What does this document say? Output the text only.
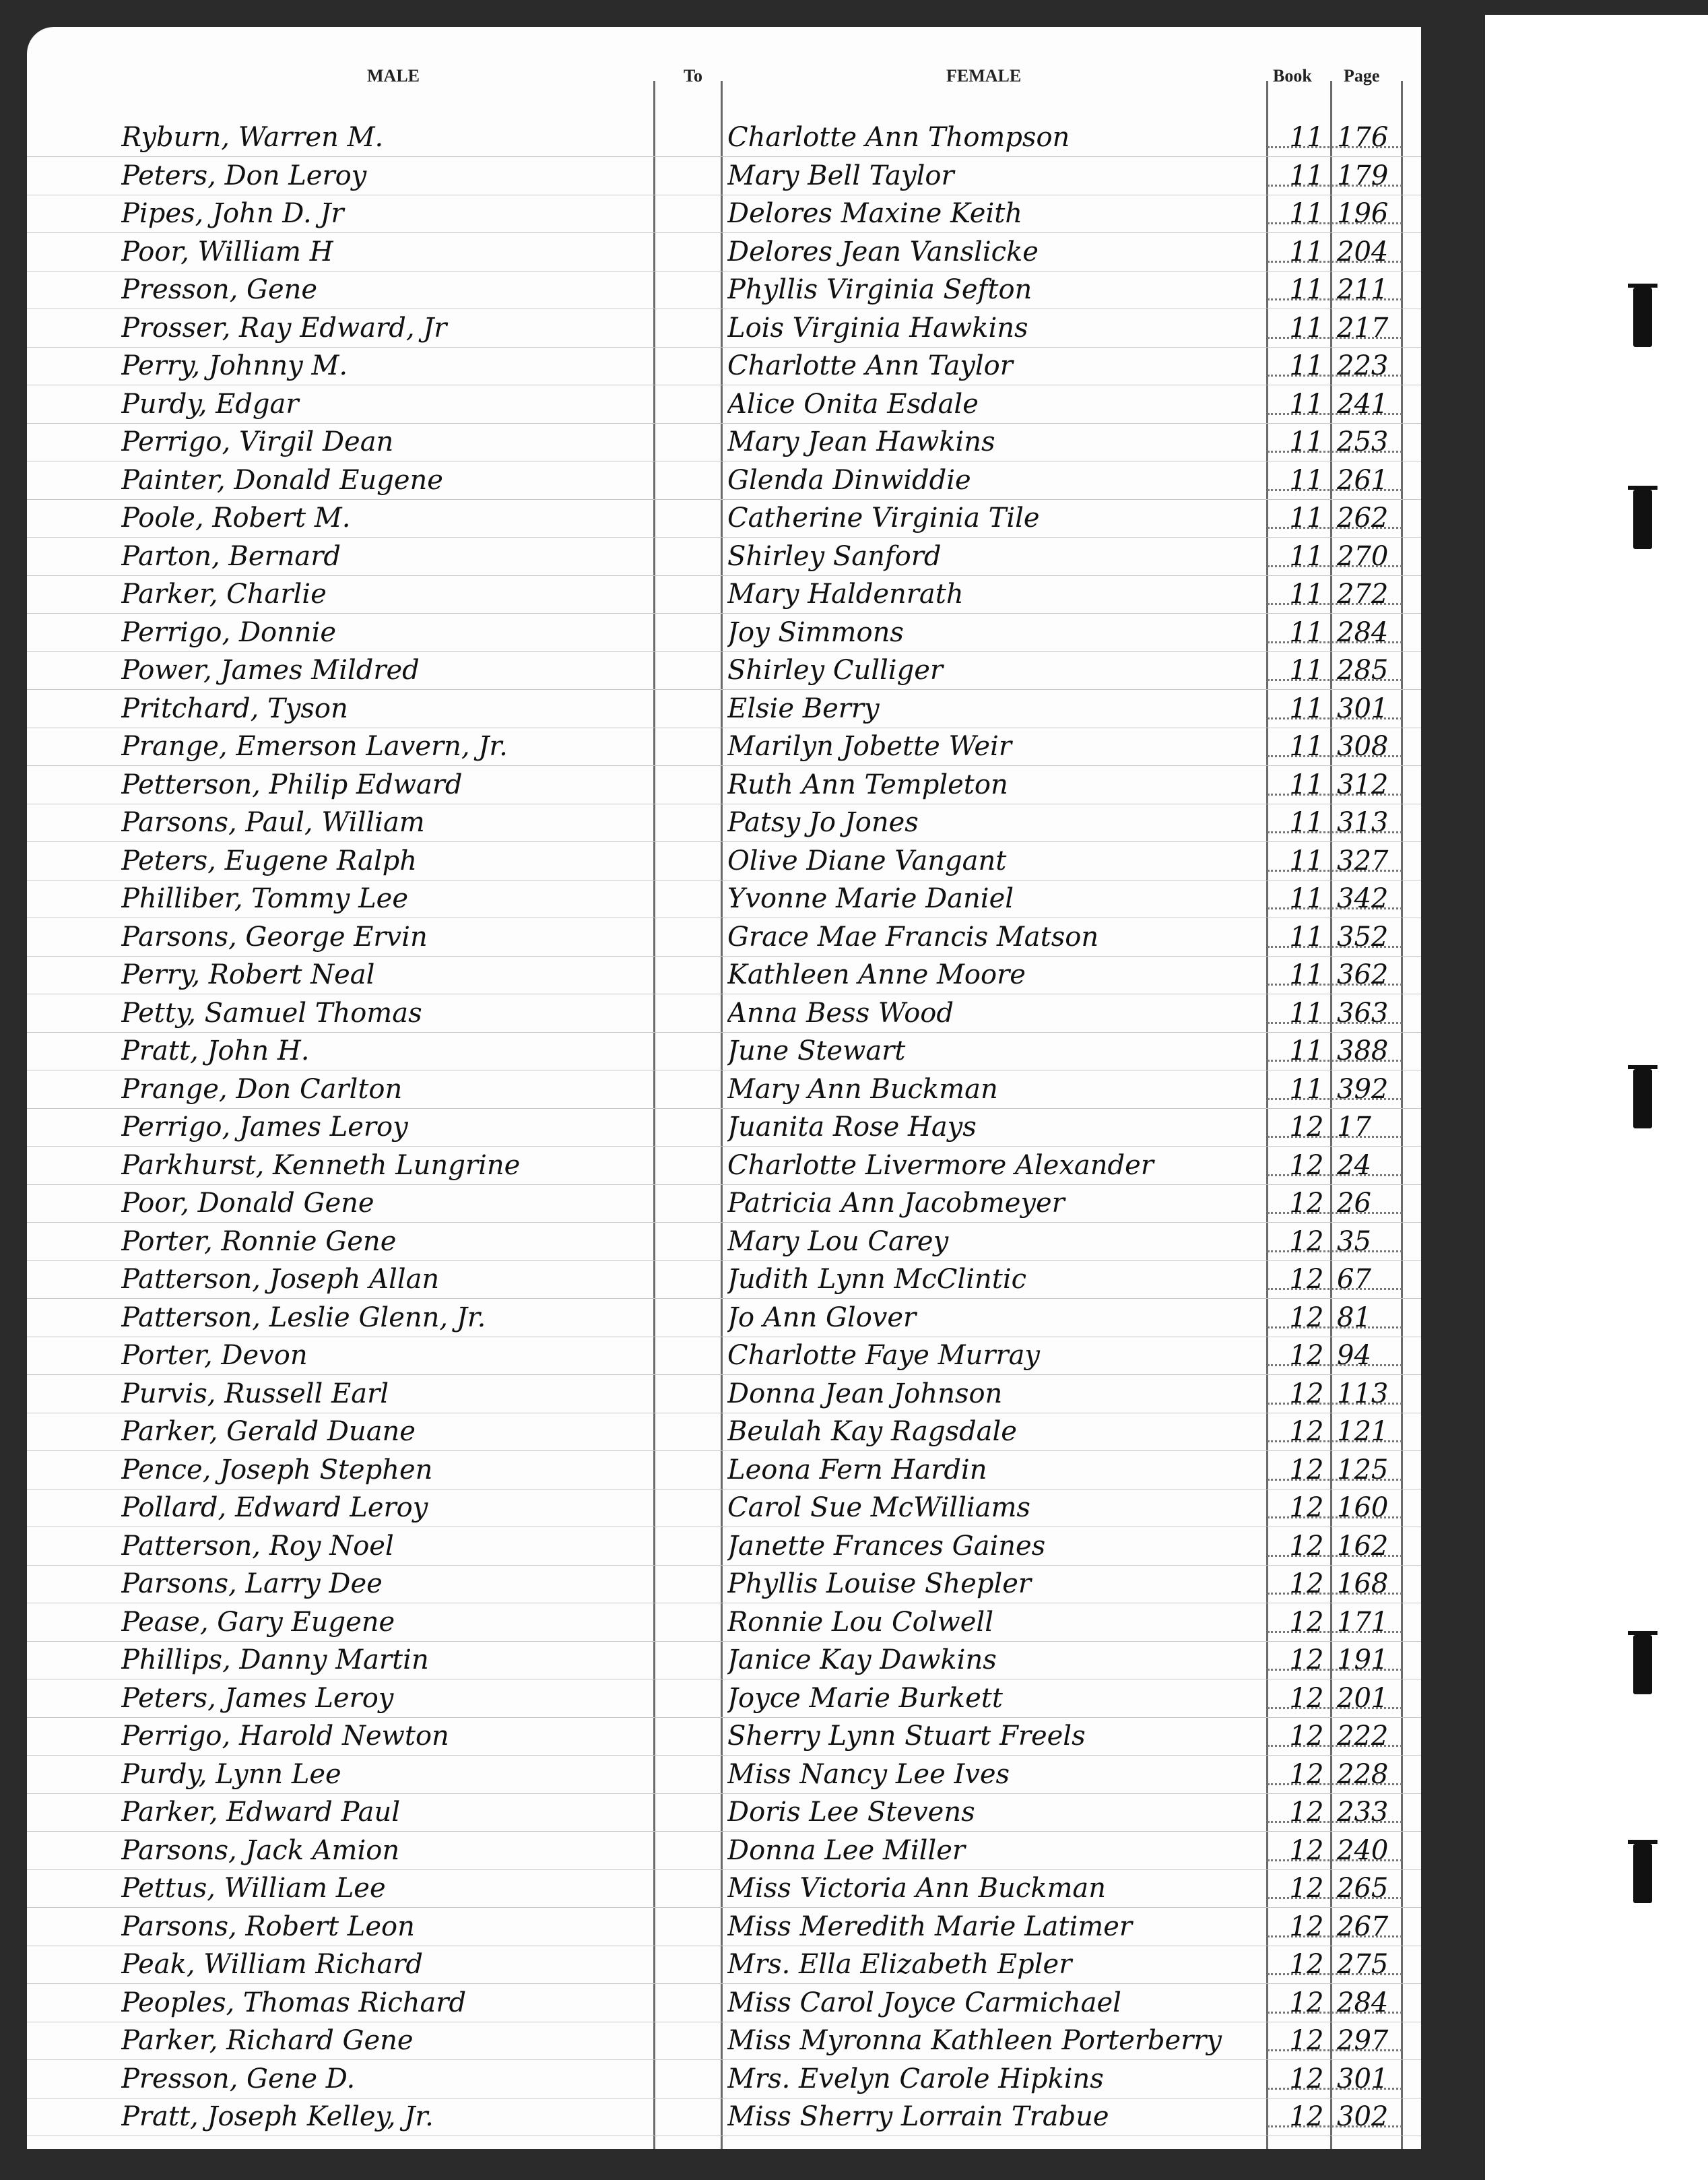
MALE	To	FEMALE	Book Page
Ryburn, Warren M.	Charlotte Ann Thompson	11 176
Peters, Don Leroy	Mary Bell Taylor	11 179
Pipes, John D. Jr	Delores Maxine Keith	11 196
Poor, William H	Delores Jean Vanslicke	11 204
Presson, Gene	Phyllis Virginia Sefton	11 211
Prosser, Ray Edward, Jr	Lois Virginia Hawkins	11 217
Perry, Johnny M.	Charlotte Ann Taylor	11 223
Purdy, Edgar	Alice Onita Esdale	11 241
Perrigo, Virgil Dean	Mary Jean Hawkins	11 253
Painter, Donald Eugene	Glenda Dinwiddie	11 261
Poole, Robert M.	Catherine Virginia Tile	11 262
Parton, Bernard	Shirley Sanford	11 270
Parker, Charlie	Mary Haldenrath	11 272
Perrigo, Donnie	Joy Simmons	11 284
Power, James Mildred	Shirley Culliger	11 285
Pritchard, Tyson	Elsie Berry	11 301
Prange, Emerson Lavern, Jr.	Marilyn Jobette Weir	11 308
Petterson, Philip Edward	Ruth Ann Templeton	11 312
Parsons, Paul, William	Patsy Jo Jones	11 313
Peters, Eugene Ralph	Olive Diane Vangant	11 327
Philliber, Tommy Lee	Yvonne Marie Daniel	11 342
Parsons, George Ervin	Grace Mae Francis Matson	11 352
Perry, Robert Neal	Kathleen Anne Moore	11 362
Petty, Samuel Thomas	Anna Bess Wood	11 363
Pratt, John H.	June Stewart	11 388
Prange, Don Carlton	Mary Ann Buckman	11 392
Perrigo, James Leroy	Juanita Rose Hays	12 17
Parkhurst, Kenneth Lungrine	Charlotte Livermore Alexander	12 24
Poor, Donald Gene	Patricia Ann Jacobmeyer	12 26
Porter, Ronnie Gene	Mary Lou Carey	12 35
Patterson, Joseph Allan	Judith Lynn McClintic	12 67
Patterson, Leslie Glenn, Jr.	Jo Ann Glover	12 81
Porter, Devon	Charlotte Faye Murray	12 94
Purvis, Russell Earl	Donna Jean Johnson	12 113
Parker, Gerald Duane	Beulah Kay Ragsdale	12 121
Pence, Joseph Stephen	Leona Fern Hardin	12 125
Pollard, Edward Leroy	Carol Sue McWilliams	12 160
Patterson, Roy Noel	Janette Frances Gaines	12 162
Parsons, Larry Dee	Phyllis Louise Shepler	12 168
Pease, Gary Eugene	Ronnie Lou Colwell	12 171
Phillips, Danny Martin	Janice Kay Dawkins	12 191
Peters, James Leroy	Joyce Marie Burkett	12 201
Perrigo, Harold Newton	Sherry Lynn Stuart Freels	12 222
Purdy, Lynn Lee	Miss Nancy Lee Ives	12 228
Parker, Edward Paul	Doris Lee Stevens	12 233
Parsons, Jack Amion	Donna Lee Miller	12 240
Pettus, William Lee	Miss Victoria Ann Buckman	12 265
Parsons, Robert Leon	Miss Meredith Marie Latimer	12 267
Peak, William Richard	Mrs. Ella Elizabeth Epler	12 275
Peoples, Thomas Richard	Miss Carol Joyce Carmichael	12 284
Parker, Richard Gene	Miss Myronna Kathleen Porterberry	12 297
Presson, Gene D.	Mrs. Evelyn Carole Hipkins	12 301
Pratt, Joseph Kelley, Jr.	Miss Sherry Lorrain Trabue	12 302
